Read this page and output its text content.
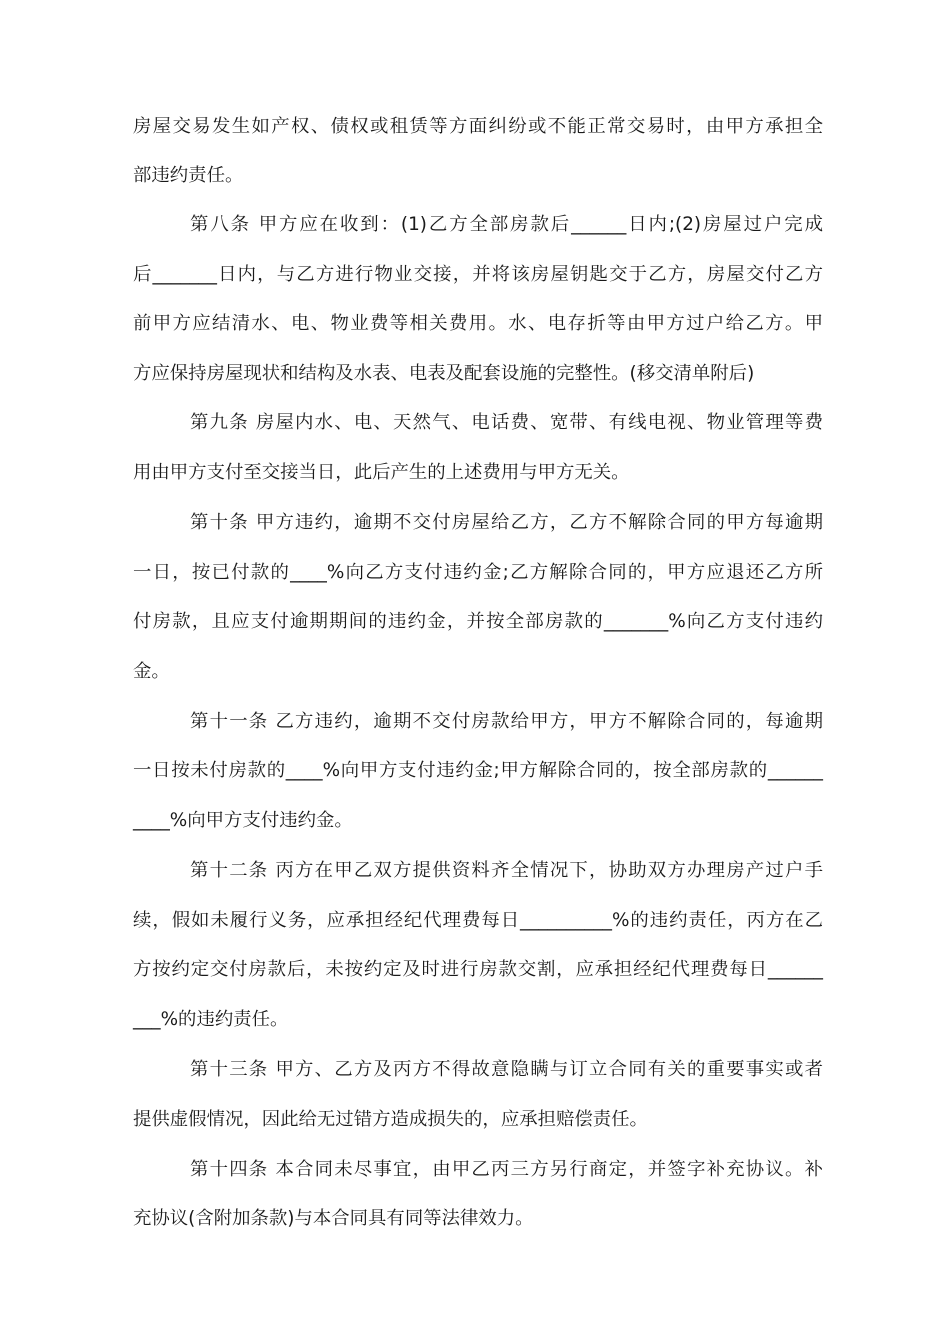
房屋交易发生如产权、债权或租赁等方面纠纷或不能正常交易时，由甲方承担全
部违约责任。
第八条 甲方应在收到：(1)乙方全部房款后______日内;(2)房屋过户完成
后_______日内，与乙方进行物业交接，并将该房屋钥匙交于乙方，房屋交付乙方
前甲方应结清水、电、物业费等相关费用。水、电存折等由甲方过户给乙方。甲
方应保持房屋现状和结构及水表、电表及配套设施的完整性。(移交清单附后)
第九条 房屋内水、电、天然气、电话费、宽带、有线电视、物业管理等费
用由甲方支付至交接当日，此后产生的上述费用与甲方无关。
第十条 甲方违约，逾期不交付房屋给乙方，乙方不解除合同的甲方每逾期
一日，按已付款的____%向乙方支付违约金;乙方解除合同的，甲方应退还乙方所
付房款，且应支付逾期期间的违约金，并按全部房款的_______%向乙方支付违约
金。
第十一条 乙方违约，逾期不交付房款给甲方，甲方不解除合同的，每逾期
一日按未付房款的____%向甲方支付违约金;甲方解除合同的，按全部房款的______
____%向甲方支付违约金。
第十二条 丙方在甲乙双方提供资料齐全情况下，协助双方办理房产过户手
续，假如未履行义务，应承担经纪代理费每日__________%的违约责任，丙方在乙
方按约定交付房款后，未按约定及时进行房款交割，应承担经纪代理费每日______
___%的违约责任。
第十三条 甲方、乙方及丙方不得故意隐瞒与订立合同有关的重要事实或者
提供虚假情况，因此给无过错方造成损失的，应承担赔偿责任。
第十四条 本合同未尽事宜，由甲乙丙三方另行商定，并签字补充协议。补
充协议(含附加条款)与本合同具有同等法律效力。
